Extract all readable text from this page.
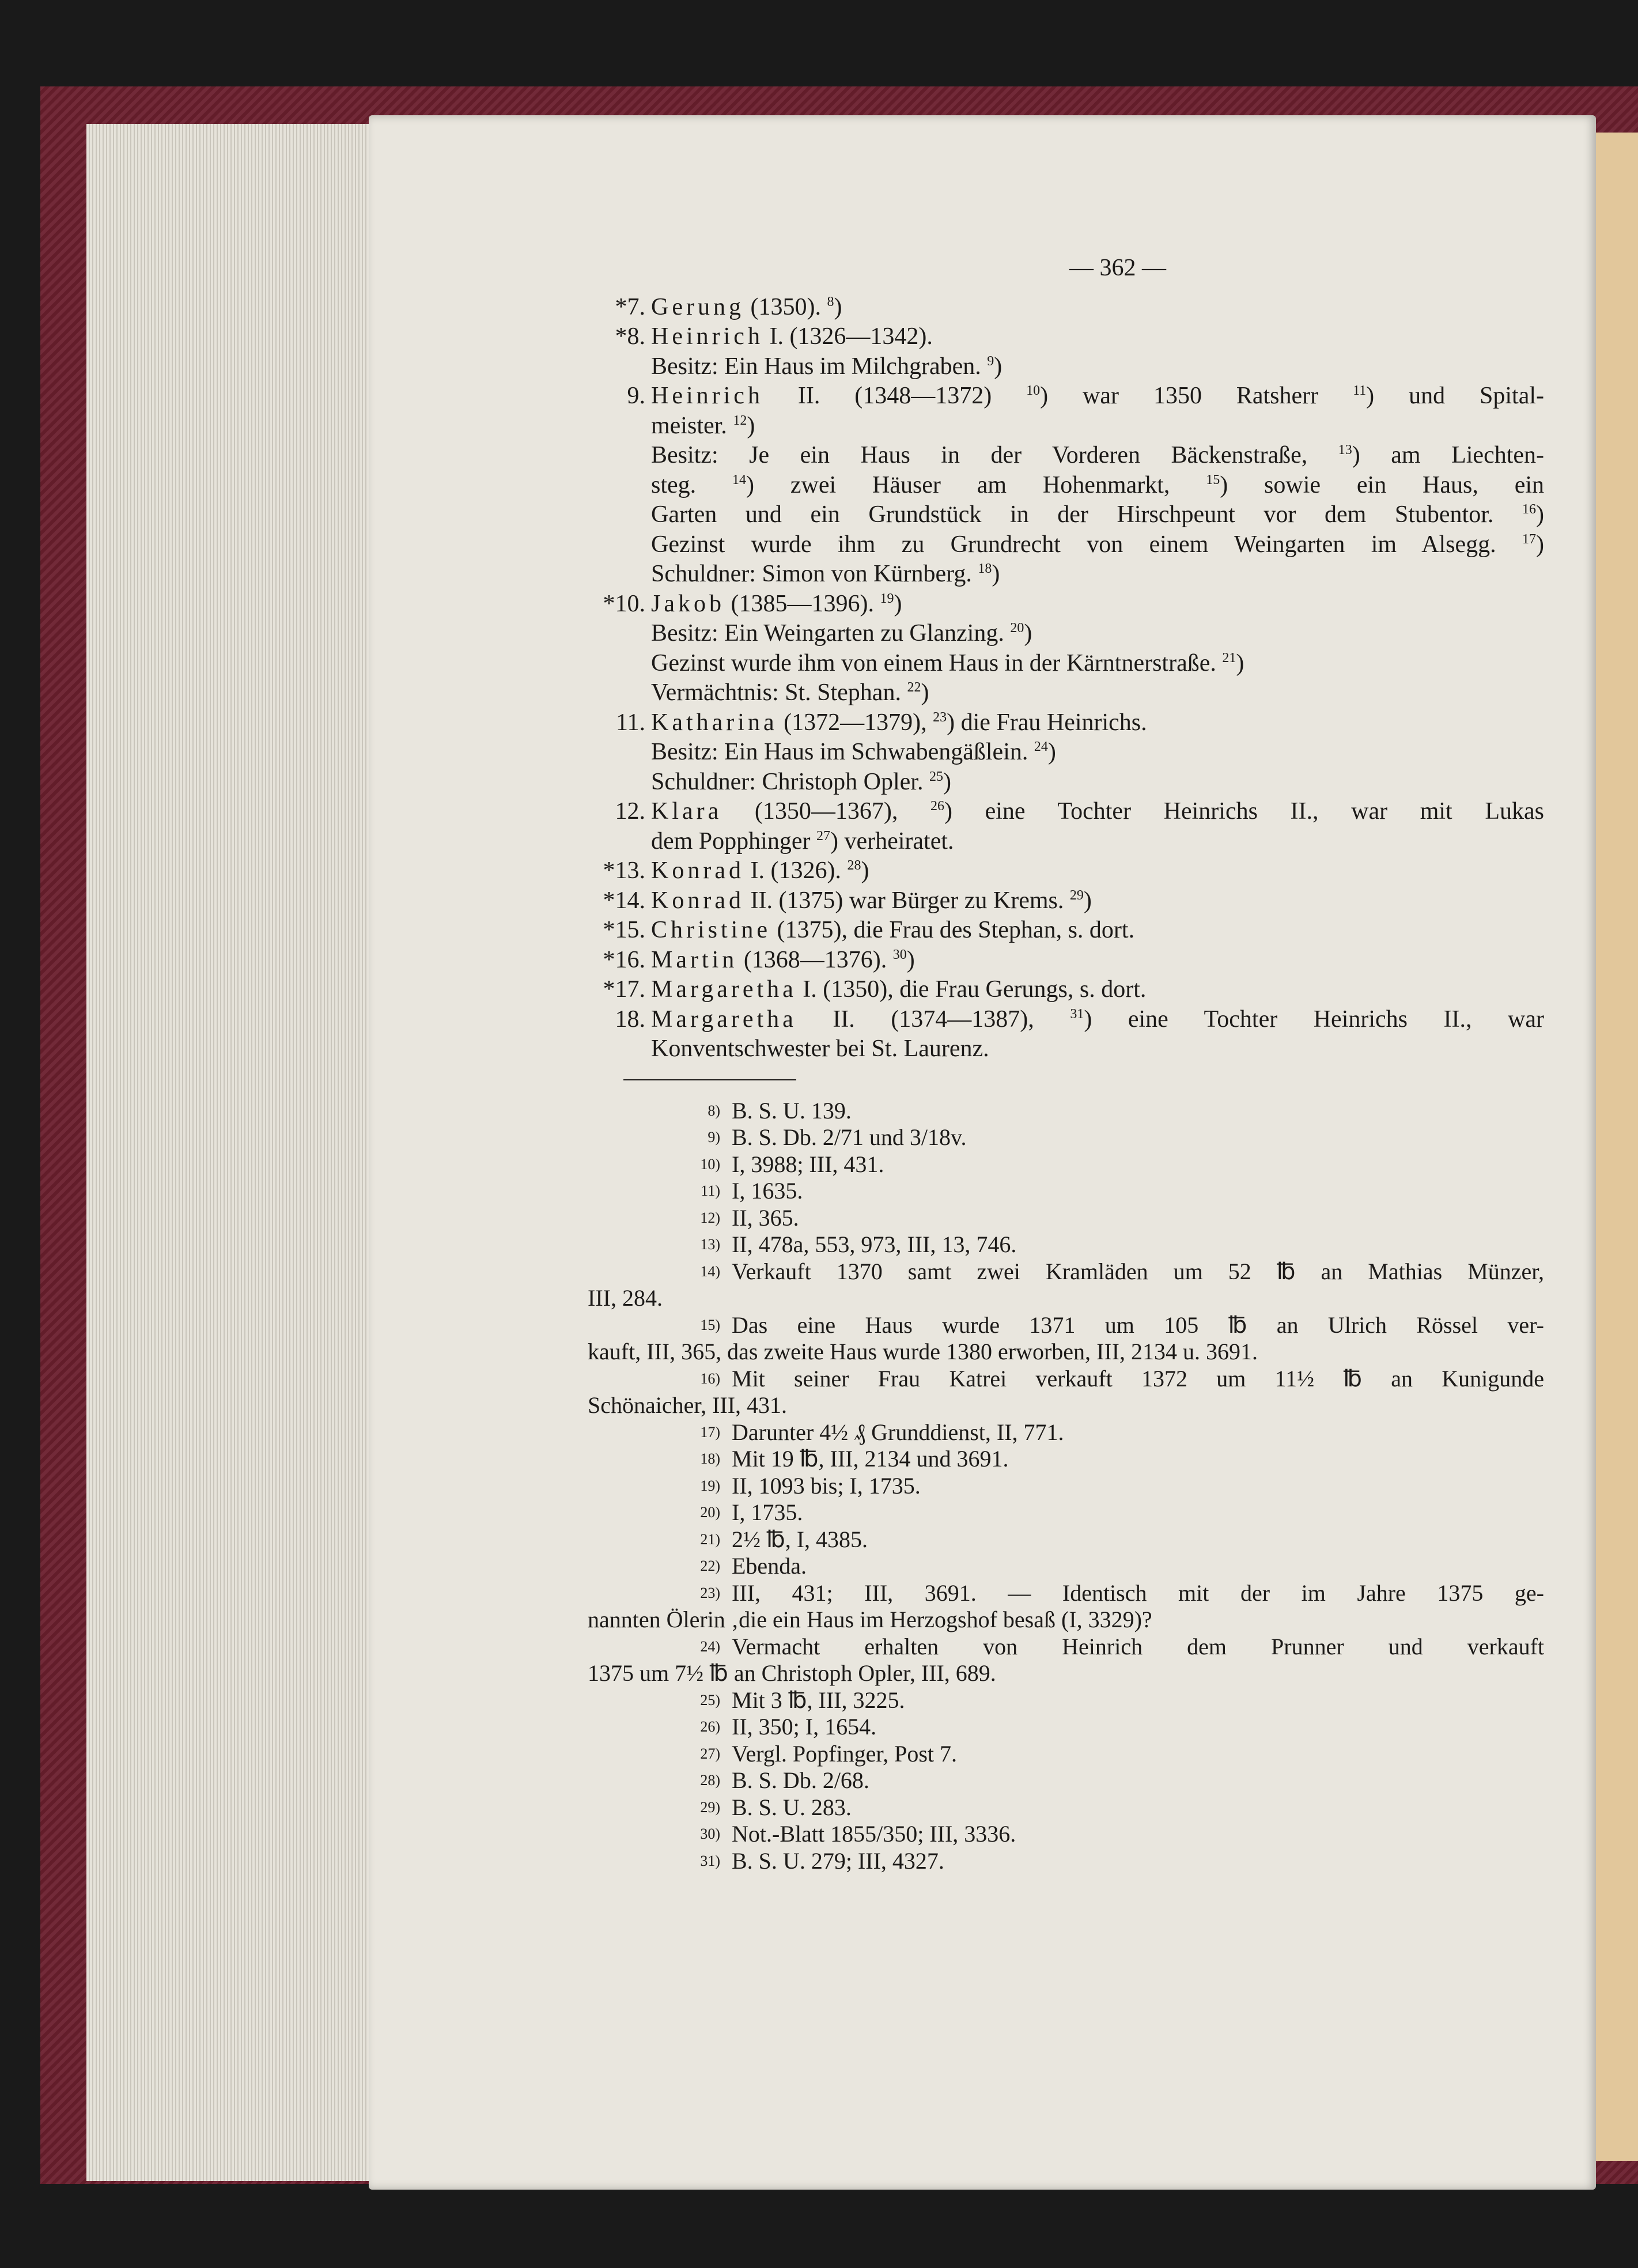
— 362 —
*7. Gerung (1350). $^8$)
*8. Heinrich I. (1326—1342).
Besitz: Ein Haus im Milchgraben. $^9$)
9. Heinrich II. (1348—1372) $^{10}$) war 1350 Ratsherr $^{11}$) und Spital-
meister. $^{12}$)
Besitz: Je ein Haus in der Vorderen Bäckenstraße, $^{13}$) am Liechten-
steg. $^{14}$) zwei Häuser am Hohenmarkt, $^{15}$) sowie ein Haus, ein
Garten und ein Grundstück in der Hirschpeunt vor dem Stubentor. $^{16}$)
Gezinst wurde ihm zu Grundrecht von einem Weingarten im Alsegg. $^{17}$)
Schuldner: Simon von Kürnberg. $^{18}$)
*10. Jakob (1385—1396). $^{19}$)
Besitz: Ein Weingarten zu Glanzing. $^{20}$)
Gezinst wurde ihm von einem Haus in der Kärntnerstraße. $^{21}$)
Vermächtnis: St. Stephan. $^{22}$)
11. Katharina (1372—1379), $^{23}$) die Frau Heinrichs.
Besitz: Ein Haus im Schwabengäßlein. $^{24}$)
Schuldner: Christoph Opler. $^{25}$)
12. Klara (1350—1367), $^{26}$) eine Tochter Heinrichs II., war mit Lukas
dem Popphinger $^{27}$) verheiratet.
*13. Konrad I. (1326). $^{28}$)
*14. Konrad II. (1375) war Bürger zu Krems. $^{29}$)
*15. Christine (1375), die Frau des Stephan, s. dort.
*16. Martin (1368—1376). $^{30}$)
*17. Margaretha I. (1350), die Frau Gerungs, s. dort.
18. Margaretha II. (1374—1387), $^{31}$) eine Tochter Heinrichs II., war
Konventschwester bei St. Laurenz.
8) B. S. U. 139.
9) B. S. Db. 2/71 und 3/18v.
10) I, 3988; III, 431.
11) I, 1635.
12) II, 365.
13) II, 478a, 553, 973, III, 13, 746.
14) Verkauft 1370 samt zwei Kramläden um 52 ℔ an Mathias Münzer,
III, 284.
15) Das eine Haus wurde 1371 um 105 ℔ an Ulrich Rössel ver-
kauft, III, 365, das zweite Haus wurde 1380 erworben, III, 2134 u. 3691.
16) Mit seiner Frau Katrei verkauft 1372 um 11½ ℔ an Kunigunde
Schönaicher, III, 431.
17) Darunter 4½ ₰ Grunddienst, II, 771.
18) Mit 19 ℔, III, 2134 und 3691.
19) II, 1093 bis; I, 1735.
20) I, 1735.
21) 2½ ℔, I, 4385.
22) Ebenda.
23) III, 431; III, 3691. — Identisch mit der im Jahre 1375 ge-
nannten Ölerin ‚die ein Haus im Herzogshof besaß (I, 3329)?
24) Vermacht erhalten von Heinrich dem Prunner und verkauft
1375 um 7½ ℔ an Christoph Opler, III, 689.
25) Mit 3 ℔, III, 3225.
26) II, 350; I, 1654.
27) Vergl. Popfinger, Post 7.
28) B. S. Db. 2/68.
29) B. S. U. 283.
30) Not.-Blatt 1855/350; III, 3336.
31) B. S. U. 279; III, 4327.
